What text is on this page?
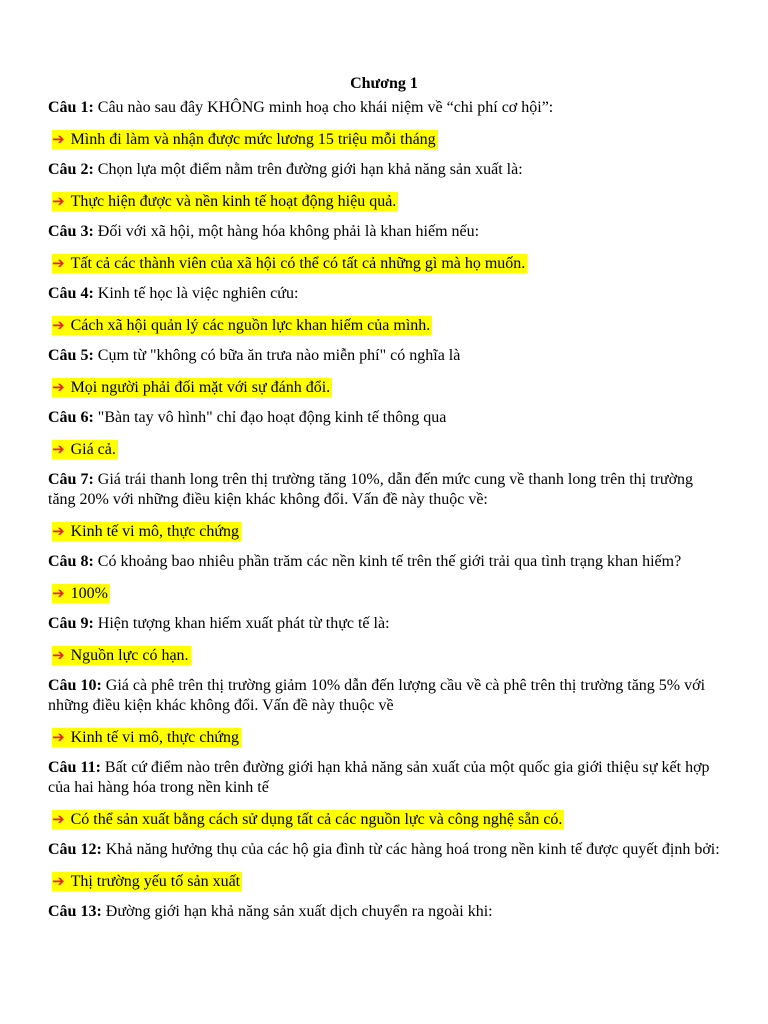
Chương 1

Câu 1: Câu nào sau đây KHÔNG minh hoạ cho khái niệm về “chi phí cơ hội”:

➔ Mình đi làm và nhận được mức lương 15 triệu mỗi tháng

Câu 2: Chọn lựa một điểm nằm trên đường giới hạn khả năng sản xuất là:

➔ Thực hiện được và nền kinh tế hoạt động hiệu quả.

Câu 3: Đối với xã hội, một hàng hóa không phải là khan hiếm nếu:

➔ Tất cả các thành viên của xã hội có thể có tất cả những gì mà họ muốn.

Câu 4: Kinh tế học là việc nghiên cứu:

➔ Cách xã hội quản lý các nguồn lực khan hiếm của mình.

Câu 5: Cụm từ "không có bữa ăn trưa nào miễn phí" có nghĩa là

➔ Mọi người phải đối mặt với sự đánh đổi.

Câu 6: "Bàn tay vô hình" chỉ đạo hoạt động kinh tế thông qua

➔ Giá cả.

Câu 7: Giá trái thanh long trên thị trường tăng 10%, dẫn đến mức cung về thanh long trên thị trường tăng 20% với những điều kiện khác không đổi. Vấn đề này thuộc về:

➔ Kinh tế vi mô, thực chứng

Câu 8: Có khoảng bao nhiêu phần trăm các nền kinh tế trên thế giới trải qua tình trạng khan hiếm?

➔ 100%

Câu 9: Hiện tượng khan hiếm xuất phát từ thực tế là:

➔ Nguồn lực có hạn.

Câu 10: Giá cà phê trên thị trường giảm 10% dẫn đến lượng cầu về cà phê trên thị trường tăng 5% với những điều kiện khác không đổi. Vấn đề này thuộc về

➔ Kinh tế vi mô, thực chứng

Câu 11: Bất cứ điểm nào trên đường giới hạn khả năng sản xuất của một quốc gia giới thiệu sự kết hợp của hai hàng hóa trong nền kinh tế

➔ Có thể sản xuất bằng cách sử dụng tất cả các nguồn lực và công nghệ sẵn có.

Câu 12: Khả năng hưởng thụ của các hộ gia đình từ các hàng hoá trong nền kinh tế được quyết định bởi:

➔ Thị trường yếu tố sản xuất

Câu 13: Đường giới hạn khả năng sản xuất dịch chuyển ra ngoài khi:
